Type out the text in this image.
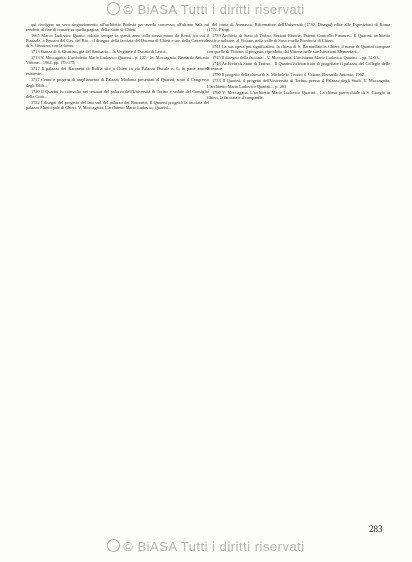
© BiASA Tutti i diritti riservati

qui rivolgere un vero ringraziamento all'architetto Podestà per averlo concesso; all'ultimo Sala mi renderà, al fine di tornare su quella pagina, dello Stato di Chieti.

1665 Marco Ludovico Quarto, ridotto sempre in questi anni colla stessa mano da Rossi, tra cui il Piazzale, a Pescara del Cav. del Rio... il disegno della facciata del Duomo di Chieti e tav. della Cattedrale di S. Giustino, con la firma.

1713 Stanza di S. Giustino, già del Santuario... la Vergine e il Ducato di Lerici.

1713 V. Moccagatta, L'architetto Mario Ludovico Quarini... p. 107 - In: Moccagatta, Bernardo Antonio Vittone... 1962, pp. 173-175.

1717 Il palazzo dei Baronetti di Ruffia sito a Chieri in via Palazzo Ducale n. 6; in parte ancora esistente...

1717 Cenni e progetti di ampliamento di Palazzo Madama presentati al Quarini, sotto il Congresso degli Edili...

1720 Il Quarini fu coinvolto nei restauri del palazzo dell'Università di Torino e sedute del Consiglio della Città...

1722 I disegni del progetto del lato sud del palazzo dei Baronetti, Il Quarini progettò la facciata del palazzo Municipale di Chieri. V. Moccagatta, L'architetto Mario Ludovico Quarini...

del conte di Avenasco, Riformatore dell'Università (1730, Disegni) edite alle Esposizioni di Roma (1771, Parigi...

1739 Archivio di Stato di Torino, Sezioni Riunite, Patenti Controllo Finanze... Il Quarini, architetto civile e militare; al Vittone, nella valle di Susa e nella Provincia di Chieri.

1741 La sua opera più significativa: la chiesa di S. Bernardino in Chieri; il nome di Quarini compare con quello di Vittone; il progetto, riprodotto dal Vittone nelle sue Istruzioni Elementari...

1745 Il disegno della facciata... V. Moccagatta, L'architetto Mario Ludovico Quarini..., pp. 51-53.

1748 Archivio di Stato di Torino... Il Quarini fu incaricato di progettare il palazzo del Collegio delle Province.

1750 Il progetto della chiesa di S. Michele in Torino; il Vittone, Bernardo Antonio, 1962.

1753 Il Quarini, il progetto dell'Università di Torino, presso il Palazzo degli Studi. V. Moccagatta, L'architetto Mario Ludovico Quarini..., p. 283.

1760 V. Moccagatta, L'architetto Mario Ludovico Quarini... La chiesa parrocchiale di S. Giorgio in Chieri, la facciata e il campanile.

283
© BiASA Tutti i diritti riservati
